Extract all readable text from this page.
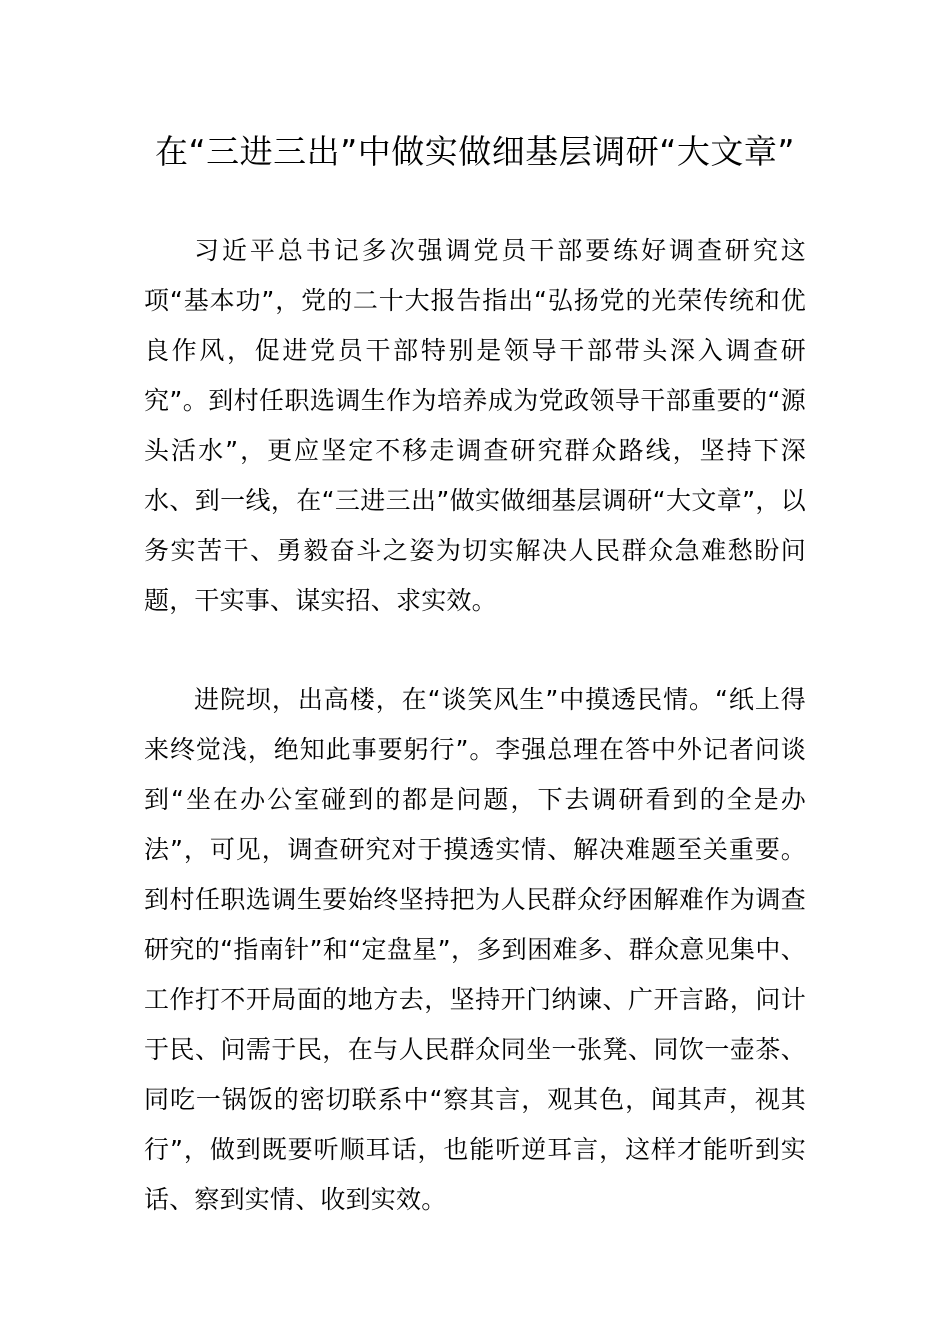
在“三进三出”中做实做细基层调研“大文章”

习近平总书记多次强调党员干部要练好调查研究这项“基本功”，党的二十大报告指出“弘扬党的光荣传统和优良作风，促进党员干部特别是领导干部带头深入调查研究”。到村任职选调生作为培养成为党政领导干部重要的“源头活水”，更应坚定不移走调查研究群众路线，坚持下深水、到一线，在“三进三出”做实做细基层调研“大文章”，以务实苦干、勇毅奋斗之姿为切实解决人民群众急难愁盼问题，干实事、谋实招、求实效。

进院坝，出高楼，在“谈笑风生”中摸透民情。“纸上得来终觉浅，绝知此事要躬行”。李强总理在答中外记者问谈到“坐在办公室碰到的都是问题，下去调研看到的全是办法”，可见，调查研究对于摸透实情、解决难题至关重要。到村任职选调生要始终坚持把为人民群众纾困解难作为调查研究的“指南针”和“定盘星”，多到困难多、群众意见集中、工作打不开局面的地方去，坚持开门纳谏、广开言路，问计于民、问需于民，在与人民群众同坐一张凳、同饮一壶茶、同吃一锅饭的密切联系中“察其言，观其色，闻其声，视其行”，做到既要听顺耳话，也能听逆耳言，这样才能听到实话、察到实情、收到实效。
